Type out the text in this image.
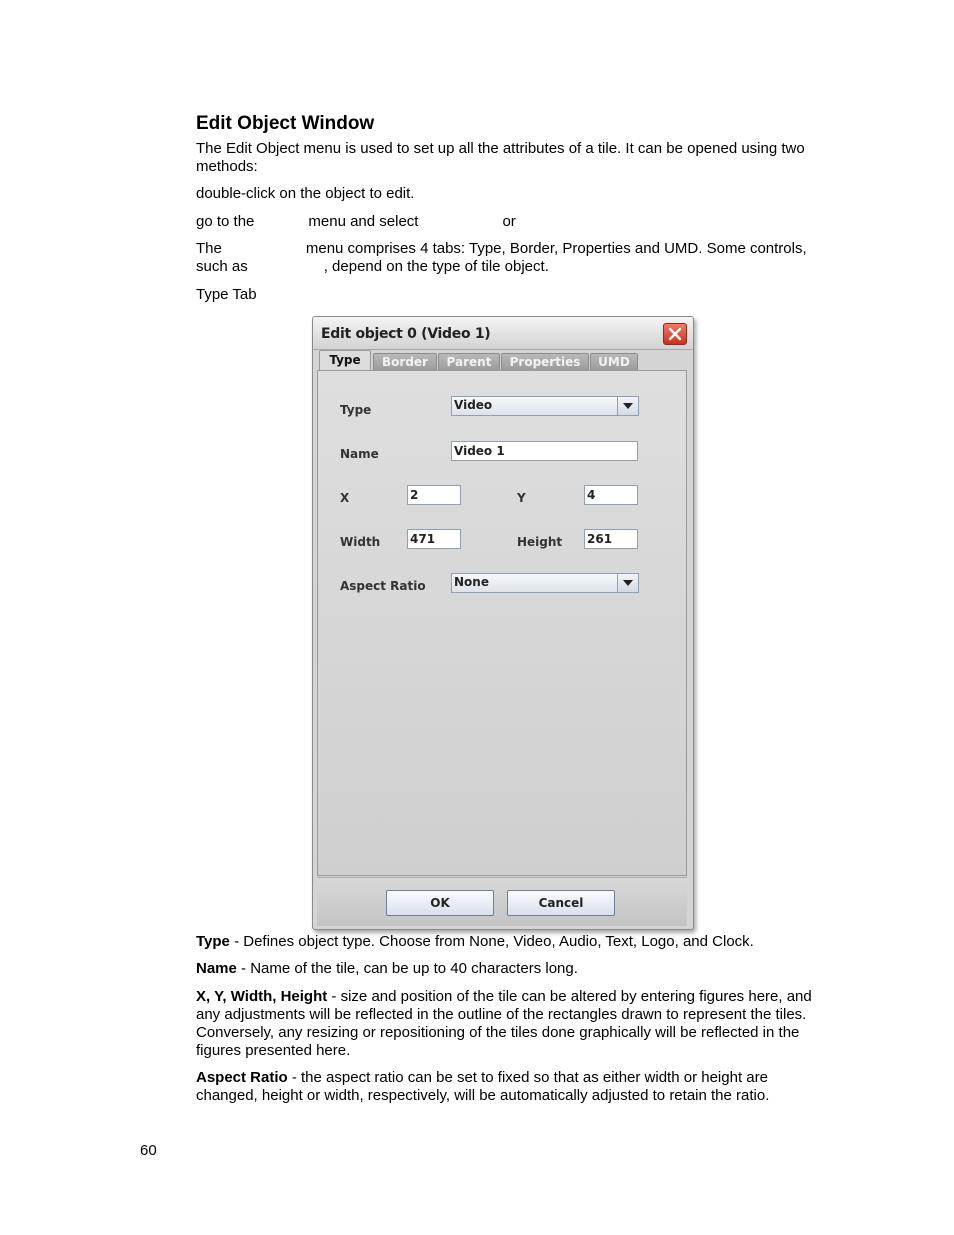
Edit Object Window
The Edit Object menu is used to set up all the attributes of a tile. It can be opened using two methods:
double-click on the object to edit.
go to the	menu and select	or
The	menu comprises 4 tabs: Type, Border, Properties and UMD. Some controls, such as	, depend on the type of tile object.
Type Tab
Edit object 0 (Video 1)
Type	Border	Parent	Properties	UMD
Type	Video
Name	Video 1
X	2	Y	4
Width 471	Height 261
Aspect Ratio None
OK	Cancel
Type - Defines object type. Choose from None, Video, Audio, Text, Logo, and Clock.
Name - Name of the tile, can be up to 40 characters long.
X, Y, Width, Height - size and position of the tile can be altered by entering figures here, and any adjustments will be reflected in the outline of the rectangles drawn to represent the tiles. Conversely, any resizing or repositioning of the tiles done graphically will be reflected in the figures presented here.
Aspect Ratio - the aspect ratio can be set to fixed so that as either width or height are changed, height or width, respectively, will be automatically adjusted to retain the ratio.
60
